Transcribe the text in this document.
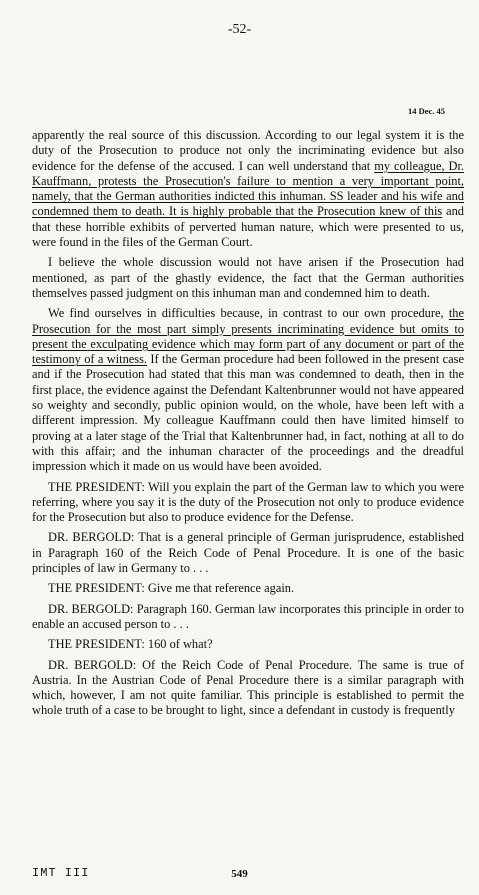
-52-
14 Dec. 45

apparently the real source of this discussion. According to our legal system it is the duty of the Prosecution to produce not only the incriminating evidence but also evidence for the defense of the accused. I can well understand that my colleague, Dr. Kauffmann, protests the Prosecution's failure to mention a very important point, namely, that the German authorities indicted this inhuman. SS leader and his wife and condemned them to death. It is highly probable that the Prosecution knew of this and that these horrible exhibits of perverted human nature, which were presented to us, were found in the files of the German Court.

I believe the whole discussion would not have arisen if the Prosecution had mentioned, as part of the ghastly evidence, the fact that the German authorities themselves passed judgment on this inhuman man and condemned him to death.

We find ourselves in difficulties because, in contrast to our own procedure, the Prosecution for the most part simply presents incriminating evidence but omits to present the exculpating evidence which may form part of any document or part of the testimony of a witness. If the German procedure had been followed in the present case and if the Prosecution had stated that this man was condemned to death, then in the first place, the evidence against the Defendant Kaltenbrunner would not have appeared so weighty and secondly, public opinion would, on the whole, have been left with a different impression. My colleague Kauffmann could then have limited himself to proving at a later stage of the Trial that Kaltenbrunner had, in fact, nothing at all to do with this affair; and the inhuman character of the proceedings and the dreadful impression which it made on us would have been avoided.

THE PRESIDENT: Will you explain the part of the German law to which you were referring, where you say it is the duty of the Prosecution not only to produce evidence for the Prosecution but also to produce evidence for the Defense.

DR. BERGOLD: That is a general principle of German jurisprudence, established in Paragraph 160 of the Reich Code of Penal Procedure. It is one of the basic principles of law in Germany to . . .

THE PRESIDENT: Give me that reference again.

DR. BERGOLD: Paragraph 160. German law incorporates this principle in order to enable an accused person to . . .

THE PRESIDENT: 160 of what?

DR. BERGOLD: Of the Reich Code of Penal Procedure. The same is true of Austria. In the Austrian Code of Penal Procedure there is a similar paragraph with which, however, I am not quite familiar. This principle is established to permit the whole truth of a case to be brought to light, since a defendant in custody is frequently

IMT III	549
